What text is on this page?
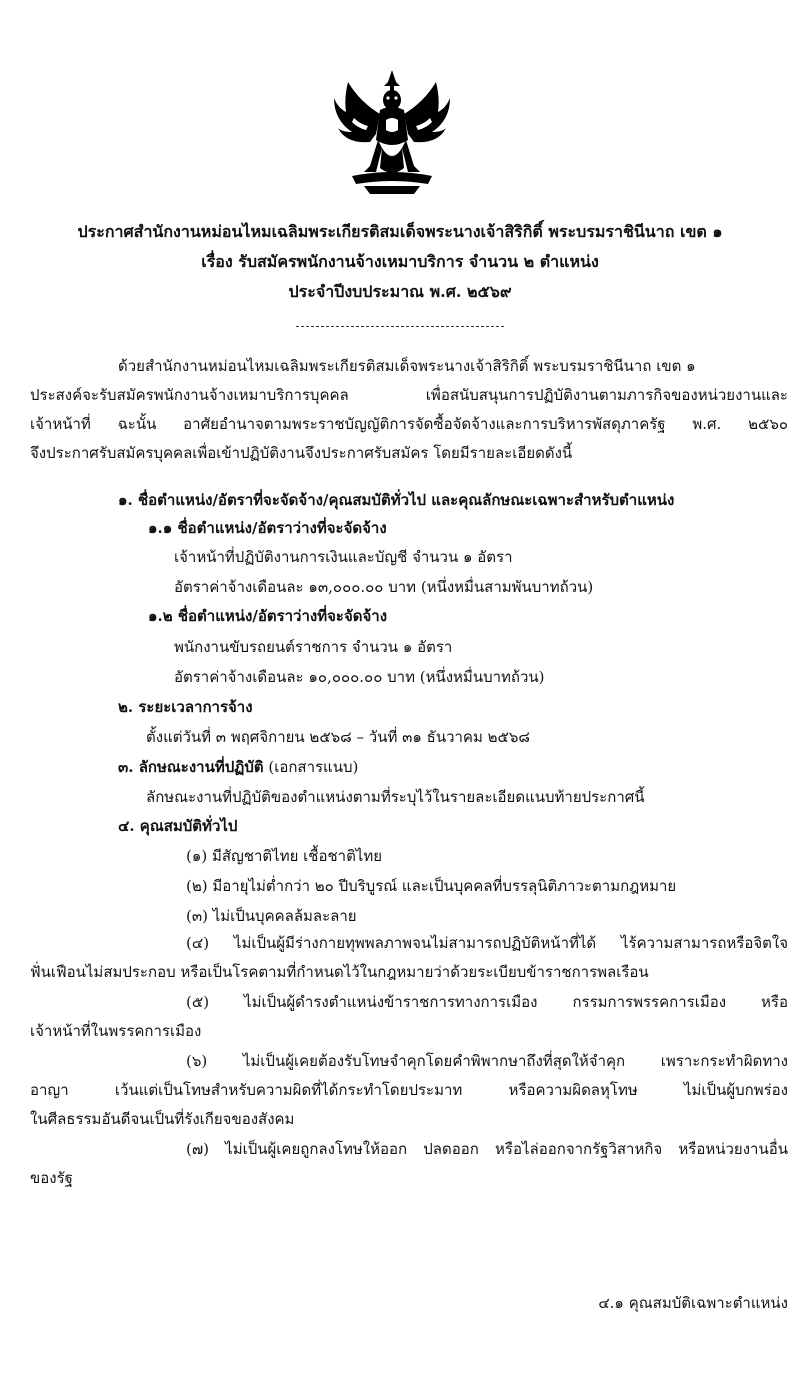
ประกาศสำนักงานหม่อนไหมเฉลิมพระเกียรติสมเด็จพระนางเจ้าสิริกิติ์ พระบรมราชินีนาถ เขต ๑
เรื่อง รับสมัครพนักงานจ้างเหมาบริการ จำนวน ๒ ตำแหน่ง
ประจำปีงบประมาณ พ.ศ. ๒๕๖๙
ด้วยสำนักงานหม่อนไหมเฉลิมพระเกียรติสมเด็จพระนางเจ้าสิริกิติ์ พระบรมราชินีนาถ เขต ๑
ประสงค์จะรับสมัครพนักงานจ้างเหมาบริการบุคคล เพื่อสนับสนุนการปฏิบัติงานตามภารกิจของหน่วยงานและ
เจ้าหน้าที่ ฉะนั้น อาศัยอำนาจตามพระราชบัญญัติการจัดซื้อจัดจ้างและการบริหารพัสดุภาครัฐ พ.ศ. ๒๕๖๐
จึงประกาศรับสมัครบุคคลเพื่อเข้าปฏิบัติงานจึงประกาศรับสมัคร โดยมีรายละเอียดดังนี้
๑. ชื่อตำแหน่ง/อัตราที่จะจัดจ้าง/คุณสมบัติทั่วไป และคุณลักษณะเฉพาะสำหรับตำแหน่ง
๑.๑ ชื่อตำแหน่ง/อัตราว่างที่จะจัดจ้าง
เจ้าหน้าที่ปฏิบัติงานการเงินและบัญชี จำนวน ๑ อัตรา
อัตราค่าจ้างเดือนละ ๑๓,๐๐๐.๐๐ บาท (หนึ่งหมื่นสามพันบาทถ้วน)
๑.๒ ชื่อตำแหน่ง/อัตราว่างที่จะจัดจ้าง
พนักงานขับรถยนต์ราชการ จำนวน ๑ อัตรา
อัตราค่าจ้างเดือนละ ๑๐,๐๐๐.๐๐ บาท (หนึ่งหมื่นบาทถ้วน)
๒. ระยะเวลาการจ้าง
ตั้งแต่วันที่ ๓ พฤศจิกายน ๒๕๖๘ – วันที่ ๓๑ ธันวาคม ๒๕๖๘
๓. ลักษณะงานที่ปฏิบัติ (เอกสารแนบ)
ลักษณะงานที่ปฏิบัติของตำแหน่งตามที่ระบุไว้ในรายละเอียดแนบท้ายประกาศนี้
๔. คุณสมบัติทั่วไป
(๑) มีสัญชาติไทย เชื้อชาติไทย
(๒) มีอายุไม่ต่ำกว่า ๒๐ ปีบริบูรณ์ และเป็นบุคคลที่บรรลุนิติภาวะตามกฎหมาย
(๓) ไม่เป็นบุคคลล้มละลาย
(๔) ไม่เป็นผู้มีร่างกายทุพพลภาพจนไม่สามารถปฏิบัติหน้าที่ได้ ไร้ความสามารถหรือจิตใจ
ฟั่นเฟือนไม่สมประกอบ หรือเป็นโรคตามที่กำหนดไว้ในกฎหมายว่าด้วยระเบียบข้าราชการพลเรือน
(๕) ไม่เป็นผู้ดำรงตำแหน่งข้าราชการทางการเมือง กรรมการพรรคการเมือง หรือ
เจ้าหน้าที่ในพรรคการเมือง
(๖) ไม่เป็นผู้เคยต้องรับโทษจำคุกโดยคำพิพากษาถึงที่สุดให้จำคุก เพราะกระทำผิดทาง
อาญา เว้นแต่เป็นโทษสำหรับความผิดที่ได้กระทำโดยประมาท หรือความผิดลหุโทษ ไม่เป็นผู้บกพร่อง
ในศีลธรรมอันดีจนเป็นที่รังเกียจของสังคม
(๗) ไม่เป็นผู้เคยถูกลงโทษให้ออก ปลดออก หรือไล่ออกจากรัฐวิสาหกิจ หรือหน่วยงานอื่น
ของรัฐ
๔.๑ คุณสมบัติเฉพาะตำแหน่ง
